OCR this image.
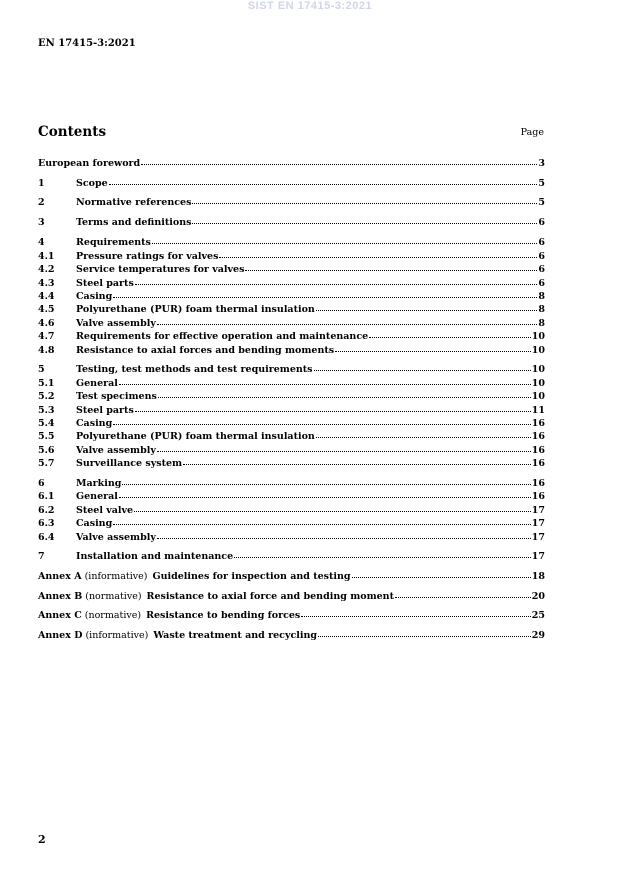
SIST EN 17415-3:2021
EN 17415-3:2021
Contents	Page
European foreword	3
1	Scope	5
2	Normative references	5
3	Terms and definitions	6
4	Requirements	6
4.1	Pressure ratings for valves	6
4.2	Service temperatures for valves	6
4.3	Steel parts	6
4.4	Casing	8
4.5	Polyurethane (PUR) foam thermal insulation	8
4.6	Valve assembly	8
4.7	Requirements for effective operation and maintenance	10
4.8	Resistance to axial forces and bending moments	10
5	Testing, test methods and test requirements	10
5.1	General	10
5.2	Test specimens	10
5.3	Steel parts	11
5.4	Casing	16
5.5	Polyurethane (PUR) foam thermal insulation	16
5.6	Valve assembly	16
5.7	Surveillance system	16
6	Marking	16
6.1	General	16
6.2	Steel valve	17
6.3	Casing	17
6.4	Valve assembly	17
7	Installation and maintenance	17
Annex A (informative) Guidelines for inspection and testing	18
Annex B (normative) Resistance to axial force and bending moment	20
Annex C (normative) Resistance to bending forces	25
Annex D (informative) Waste treatment and recycling	29
2
